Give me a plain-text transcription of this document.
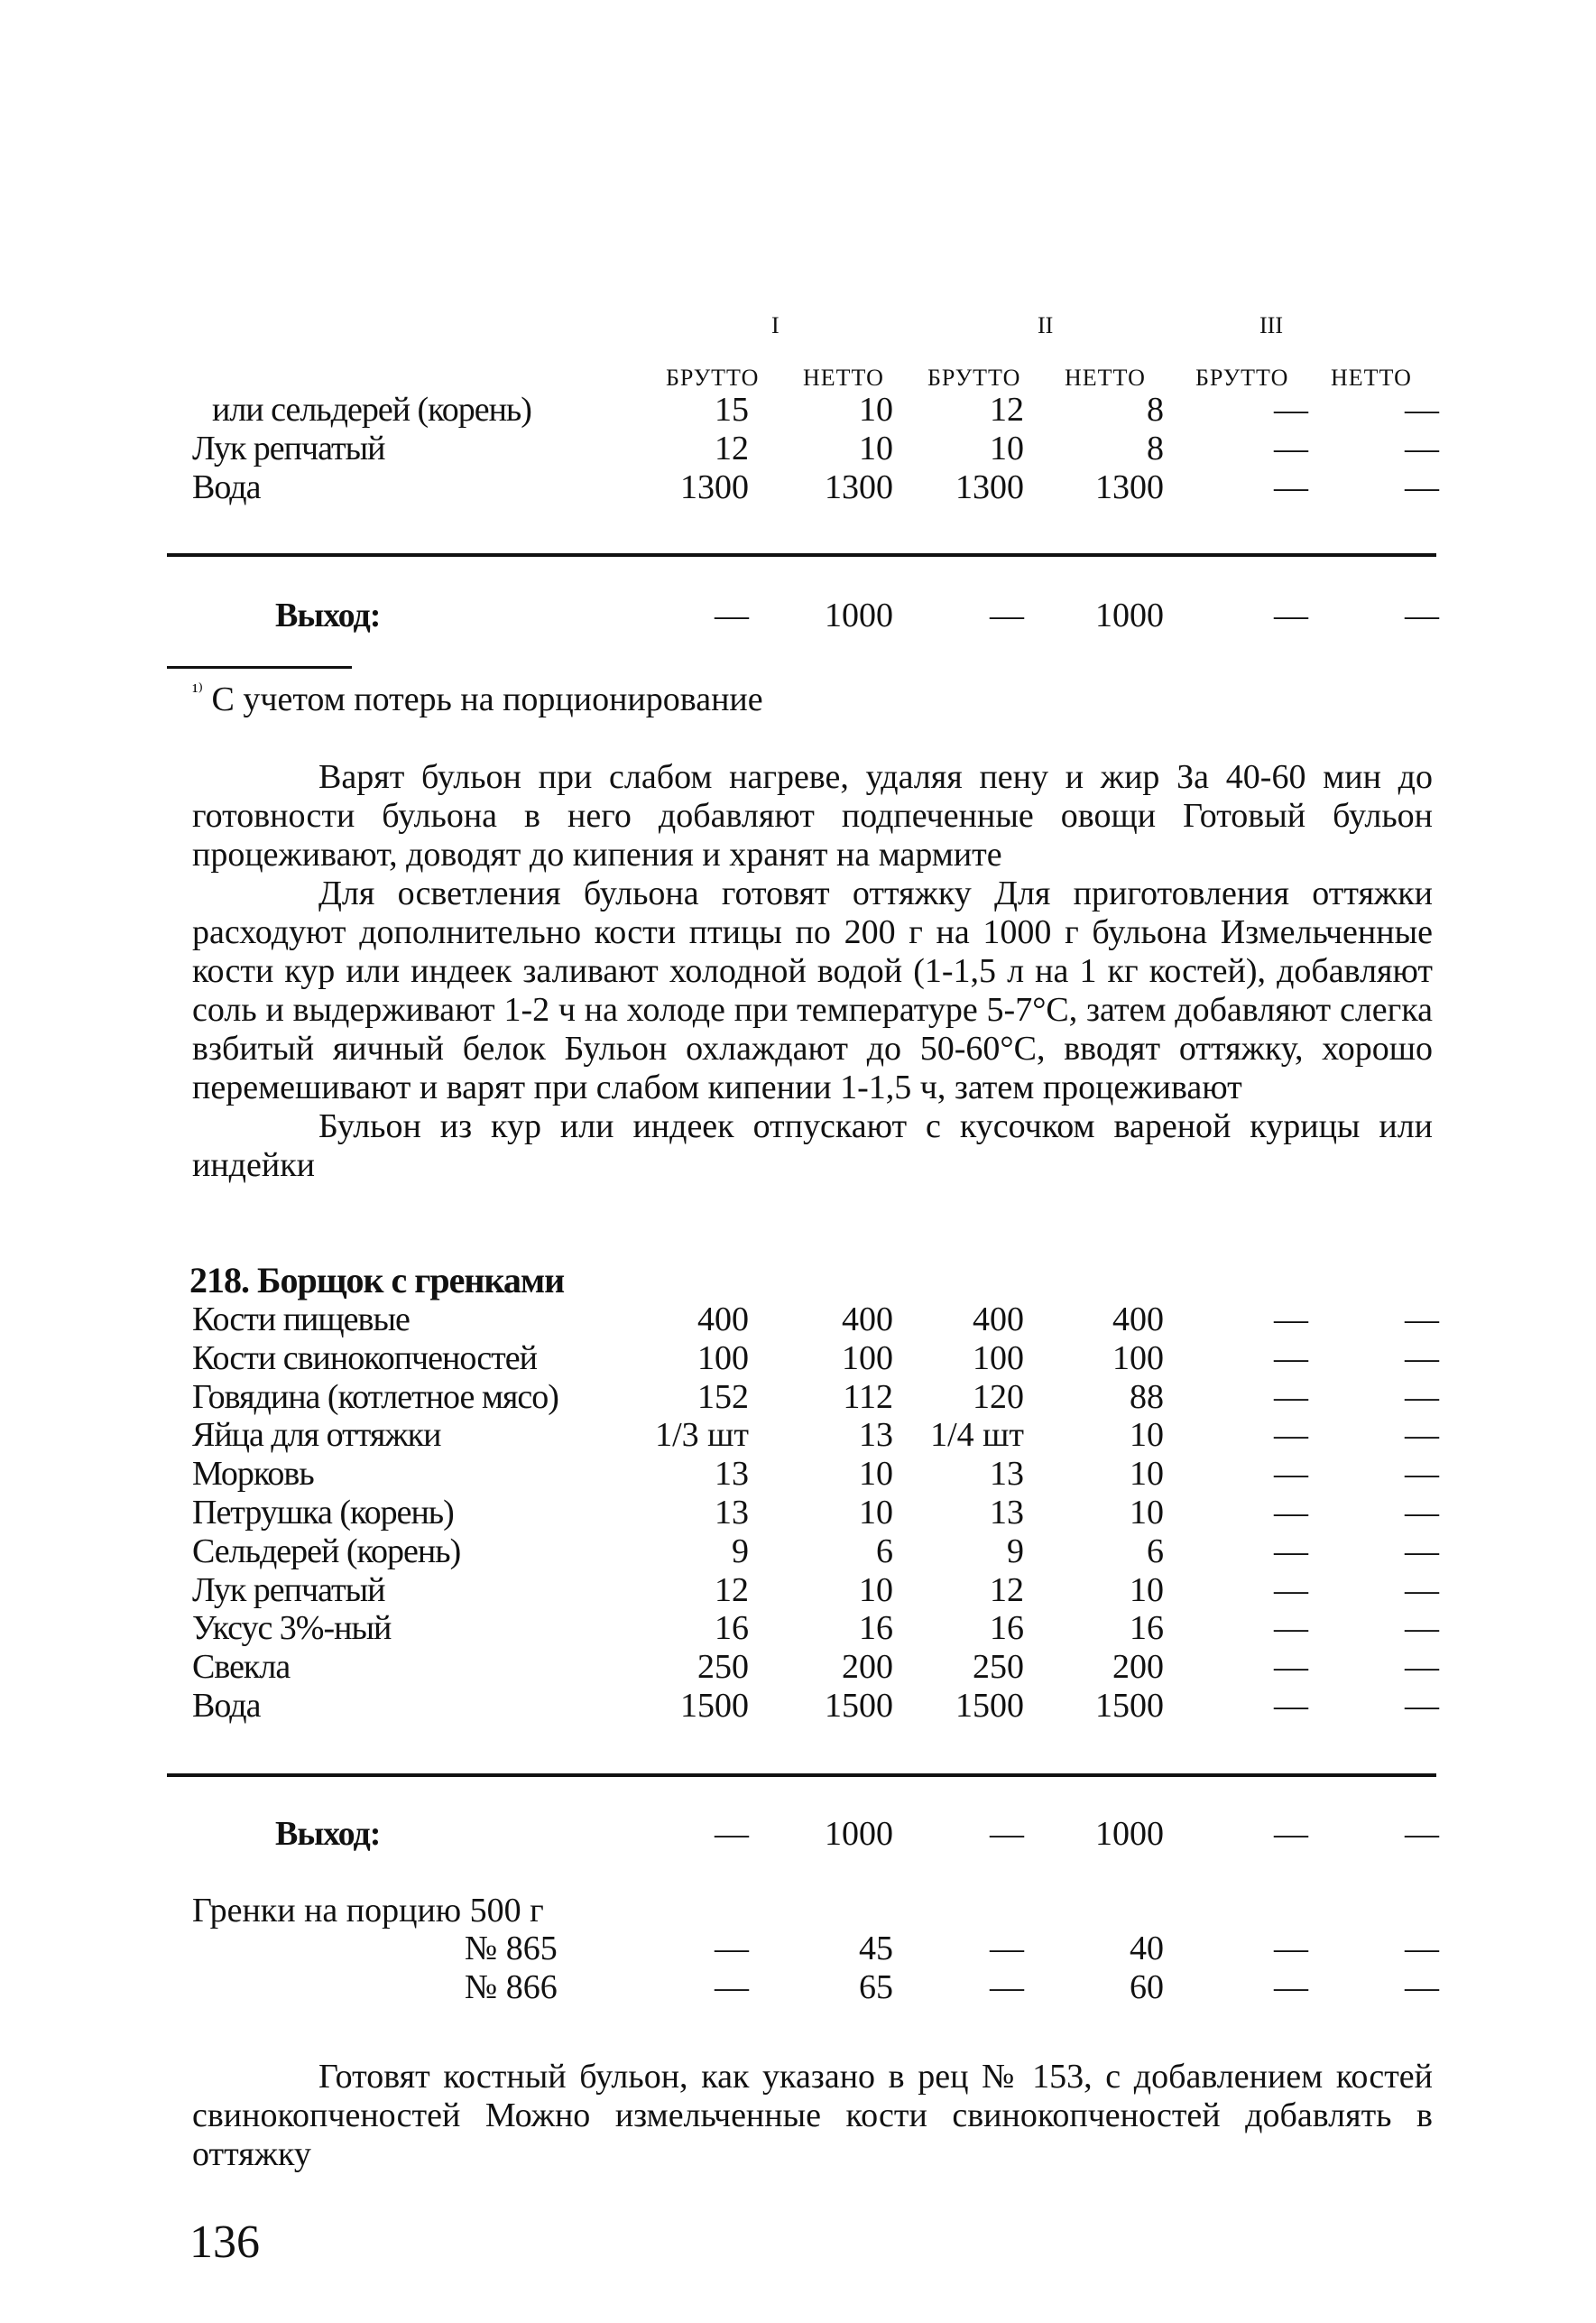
I	II	III
БРУТТО НЕТТО БРУТТО НЕТТО БРУТТО НЕТТО
или сельдерей (корень)	15	10	12	8	—	—
Лук репчатый	12	10	10	8	—	—
Вода	1300	1300	1300	1300	—	—
Выход:	—	1000	—	1000	—	—
$^{^{1)}}$ С учетом потерь на порционирование

Варят бульон при слабом нагреве, удаляя пену и жир За 40-60 мин до готовности бульона в него добавляют подпеченные овощи Готовый бульон процеживают, доводят до кипения и хранят на мармите

Для осветления бульона готовят оттяжку Для приготовления оттяжки расходуют дополнительно кости птицы по 200 г на 1000 г бульона Измельченные кости кур или индеек заливают холодной водой (1-1,5 л на 1 кг костей), добавляют соль и выдерживают 1-2 ч на холоде при температуре 5-7°С, затем добавляют слегка взбитый яичный белок Бульон охлаждают до 50-60°С, вводят оттяжку, хорошо перемешивают и варят при слабом кипении 1-1,5 ч, затем процеживают

Бульон из кур или индеек отпускают с кусочком вареной курицы или индейки

218. Борщок с гренками
Кости пищевые	400	400	400	400	—	—
Кости свинокопченостей	100	100	100	100	—	—
Говядина (котлетное мясо)	152	112	120	88	—	—
Яйца для оттяжки	1/3 шт	13	1/4 шт	10	—	—
Морковь	13	10	13	10	—	—
Петрушка (корень)	13	10	13	10	—	—
Сельдерей (корень)	9	6	9	6	—	—
Лук репчатый	12	10	12	10	—	—
Уксус 3%-ный	16	16	16	16	—	—
Свекла	250	200	250	200	—	—
Вода	1500	1500	1500	1500	—	—
Выход:	—	1000	—	1000	—	—
Гренки на порцию 500 г
№ 865	—	45	—	40	—	—
№ 866	—	65	—	60	—	—

Готовят костный бульон, как указано в рец № 153, с добавлением костей свинокопченостей Можно измельченные кости свинокопченостей добавлять в оттяжку

136
